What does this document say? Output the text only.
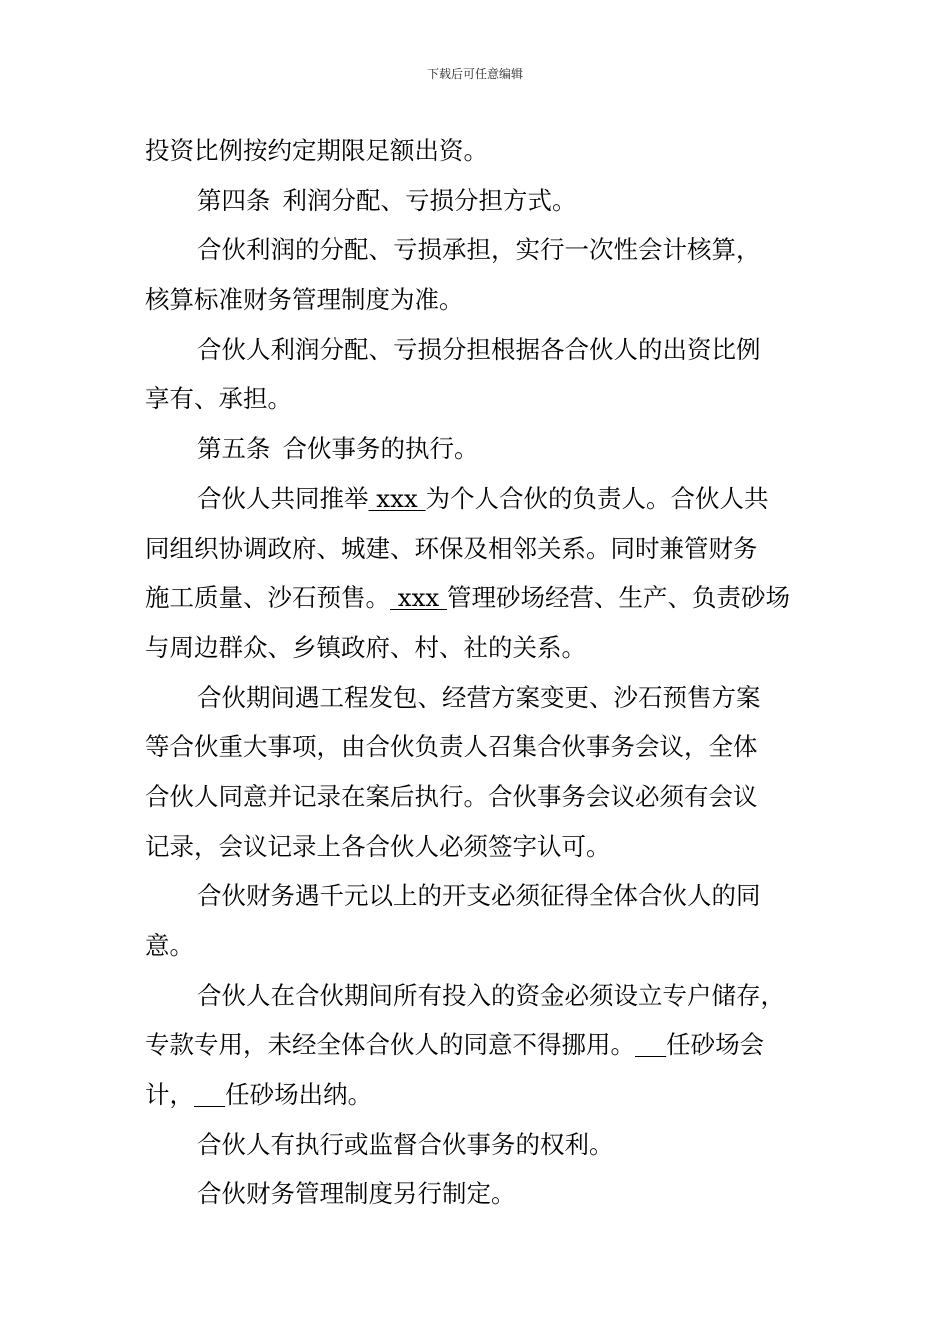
下载后可任意编辑
投资比例按约定期限足额出资。
第四条 利润分配、亏损分担方式。
合伙利润的分配、亏损承担，实行一次性会计核算，
核算标准财务管理制度为准。
合伙人利润分配、亏损分担根据各合伙人的出资比例
享有、承担。
第五条 合伙事务的执行。
合伙人共同推举 xxx 为个人合伙的负责人。合伙人共
同组织协调政府、城建、环保及相邻关系。同时兼管财务
施工质量、沙石预售。 xxx 管理砂场经营、生产、负责砂场
与周边群众、乡镇政府、村、社的关系。
合伙期间遇工程发包、经营方案变更、沙石预售方案
等合伙重大事项，由合伙负责人召集合伙事务会议，全体
合伙人同意并记录在案后执行。合伙事务会议必须有会议
记录，会议记录上各合伙人必须签字认可。
合伙财务遇千元以上的开支必须征得全体合伙人的同
意。
合伙人在合伙期间所有投入的资金必须设立专户储存，
专款专用，未经全体合伙人的同意不得挪用。 任砂场会
计， 任砂场出纳。
合伙人有执行或监督合伙事务的权利。
合伙财务管理制度另行制定。
